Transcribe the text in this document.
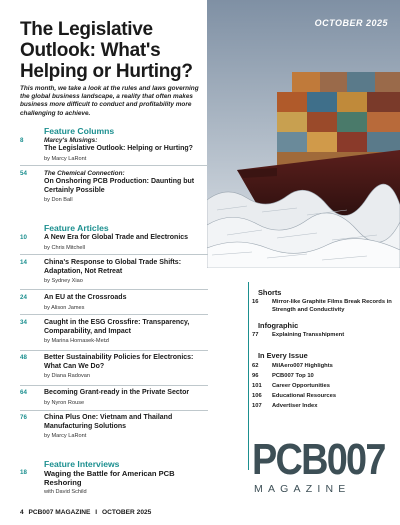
OCTOBER 2025
The Legislative Outlook: What's Helping or Hurting?
This month, we take a look at the rules and laws governing the global business landscape, a reality that often makes business more difficult to conduct and profitability more challenging to achieve.
Feature Columns
8	Marcy's Musings:
The Legislative Outlook: Helping or Hurting?
by Marcy LaRont
54	The Chemical Connection:
On Onshoring PCB Production: Daunting but Certainly Possible
by Don Ball
Feature Articles
10	A New Era for Global Trade and Electronics
by Chris Mitchell
14	China's Response to Global Trade Shifts: Adaptation, Not Retreat
by Sydney Xiao
24	An EU at the Crossroads
by Alison James
34	Caught in the ESG Crossfire: Transparency, Comparability, and Impact
by Marina Hornasek-Metzl
48	Better Sustainability Policies for Electronics: What Can We Do?
by Diana Radovan
64	Becoming Grant-ready in the Private Sector
by Nyron Rouse
76	China Plus One: Vietnam and Thailand Manufacturing Solutions
by Marcy LaRont
Feature Interviews
18	Waging the Battle for American PCB Reshoring
with David Schild
Shorts
16	Mirror-like Graphite Films Break Records in Strength and Conductivity
Infographic
77	Explaining Transshipment
In Every Issue
62	MilAero007 Highlights
96	PCB007 Top 10
101	Career Opportunities
106	Educational Resources
107	Advertiser Index
PCB007
MAGAZINE
4 PCB007 MAGAZINE I OCTOBER 2025
